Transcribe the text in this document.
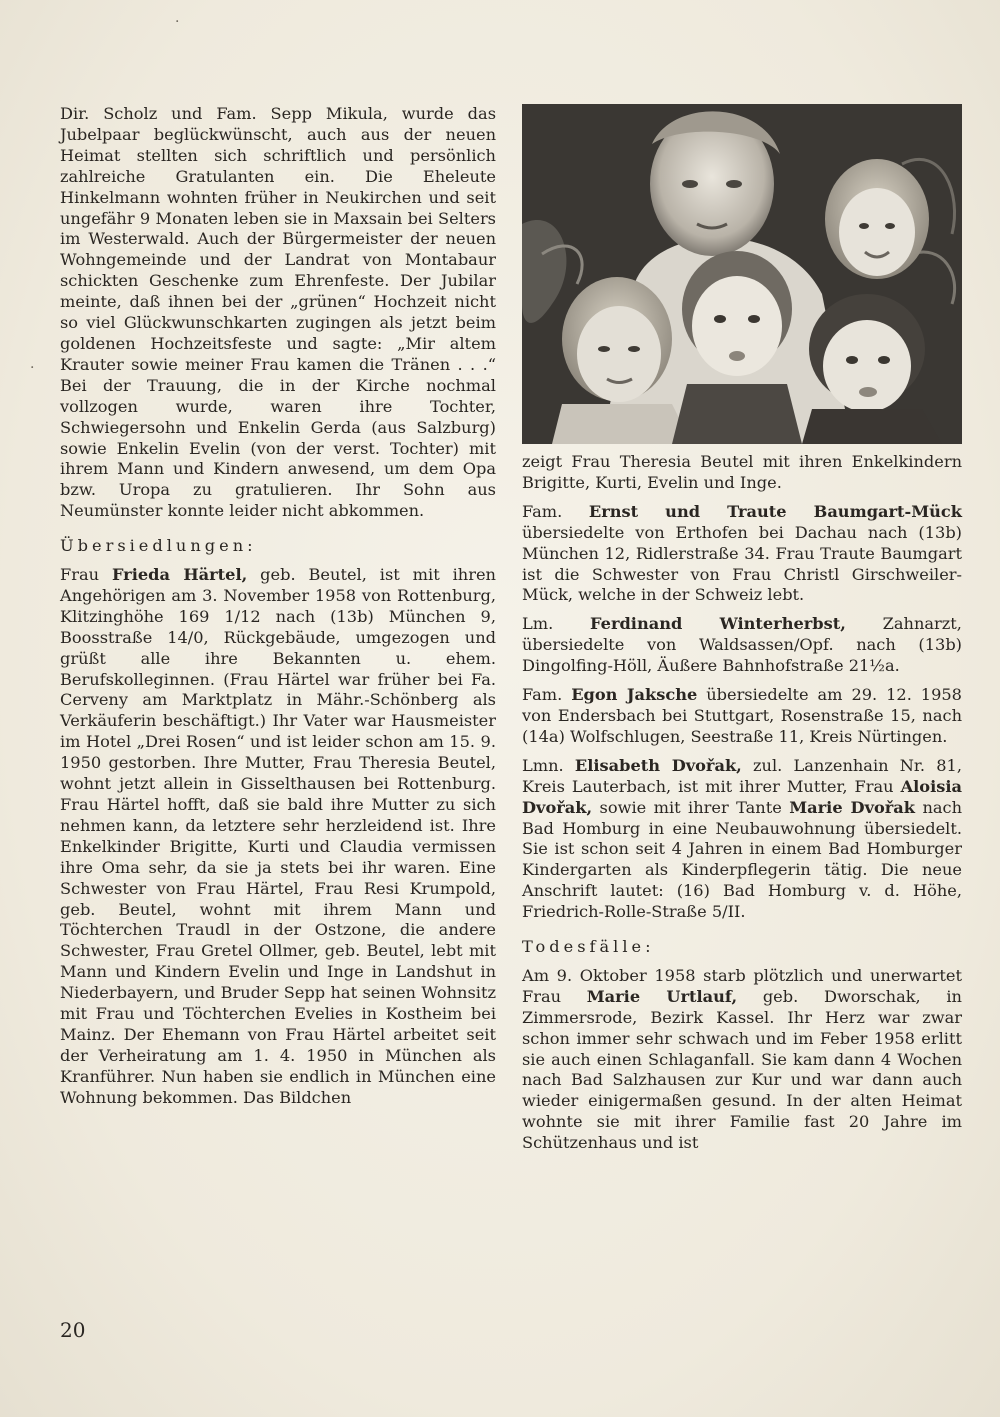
·
·

Dir. Scholz und Fam. Sepp Mikula, wurde das Jubelpaar beglückwünscht, auch aus der neuen Heimat stellten sich schriftlich und persönlich zahlreiche Gratulanten ein. Die Eheleute Hinkelmann wohnten früher in Neukirchen und seit ungefähr 9 Monaten leben sie in Maxsain bei Selters im Westerwald. Auch der Bürgermeister der neuen Wohngemeinde und der Landrat von Montabaur schickten Geschenke zum Ehrenfeste. Der Jubilar meinte, daß ihnen bei der „grünen“ Hochzeit nicht so viel Glückwunschkarten zugingen als jetzt beim goldenen Hochzeitsfeste und sagte: „Mir altem Krauter sowie meiner Frau kamen die Tränen . . .“ Bei der Trauung, die in der Kirche nochmal vollzogen wurde, waren ihre Tochter, Schwiegersohn und Enkelin Gerda (aus Salzburg) sowie Enkelin Evelin (von der verst. Tochter) mit ihrem Mann und Kindern anwesend, um dem Opa bzw. Uropa zu gratulieren. Ihr Sohn aus Neumünster konnte leider nicht abkommen.

Übersiedlungen:

Frau Frieda Härtel, geb. Beutel, ist mit ihren Angehörigen am 3. November 1958 von Rottenburg, Klitzinghöhe 169 1/12 nach (13b) München 9, Boosstraße 14/0, Rückgebäude, umgezogen und grüßt alle ihre Bekannten u. ehem. Berufskolleginnen. (Frau Härtel war früher bei Fa. Cerveny am Marktplatz in Mähr.-Schönberg als Verkäuferin beschäftigt.) Ihr Vater war Hausmeister im Hotel „Drei Rosen“ und ist leider schon am 15. 9. 1950 gestorben. Ihre Mutter, Frau Theresia Beutel, wohnt jetzt allein in Gisselthausen bei Rottenburg. Frau Härtel hofft, daß sie bald ihre Mutter zu sich nehmen kann, da letztere sehr herzleidend ist. Ihre Enkelkinder Brigitte, Kurti und Claudia vermissen ihre Oma sehr, da sie ja stets bei ihr waren. Eine Schwester von Frau Härtel, Frau Resi Krumpold, geb. Beutel, wohnt mit ihrem Mann und Töchterchen Traudl in der Ostzone, die andere Schwester, Frau Gretel Ollmer, geb. Beutel, lebt mit Mann und Kindern Evelin und Inge in Landshut in Niederbayern, und Bruder Sepp hat seinen Wohnsitz mit Frau und Töchterchen Evelies in Kostheim bei Mainz. Der Ehemann von Frau Härtel arbeitet seit der Verheiratung am 1. 4. 1950 in München als Kranführer. Nun haben sie endlich in München eine Wohnung bekommen. Das Bildchen

zeigt Frau Theresia Beutel mit ihren Enkelkindern Brigitte, Kurti, Evelin und Inge.

Fam. Ernst und Traute Baumgart-Mück übersiedelte von Erthofen bei Dachau nach (13b) München 12, Ridlerstraße 34. Frau Traute Baumgart ist die Schwester von Frau Christl Girschweiler-Mück, welche in der Schweiz lebt.

Lm. Ferdinand Winterherbst, Zahnarzt, übersiedelte von Waldsassen/Opf. nach (13b) Dingolfing-Höll, Äußere Bahnhofstraße 21½a.

Fam. Egon Jaksche übersiedelte am 29. 12. 1958 von Endersbach bei Stuttgart, Rosenstraße 15, nach (14a) Wolfschlugen, Seestraße 11, Kreis Nürtingen.

Lmn. Elisabeth Dvořak, zul. Lanzenhain Nr. 81, Kreis Lauterbach, ist mit ihrer Mutter, Frau Aloisia Dvořak, sowie mit ihrer Tante Marie Dvořak nach Bad Homburg in eine Neubauwohnung übersiedelt. Sie ist schon seit 4 Jahren in einem Bad Homburger Kindergarten als Kinderpflegerin tätig. Die neue Anschrift lautet: (16) Bad Homburg v. d. Höhe, Friedrich-Rolle-Straße 5/II.

Todesfälle:

Am 9. Oktober 1958 starb plötzlich und unerwartet Frau Marie Urtlauf, geb. Dworschak, in Zimmersrode, Bezirk Kassel. Ihr Herz war zwar schon immer sehr schwach und im Feber 1958 erlitt sie auch einen Schlaganfall. Sie kam dann 4 Wochen nach Bad Salzhausen zur Kur und war dann auch wieder einigermaßen gesund. In der alten Heimat wohnte sie mit ihrer Familie fast 20 Jahre im Schützenhaus und ist

20
